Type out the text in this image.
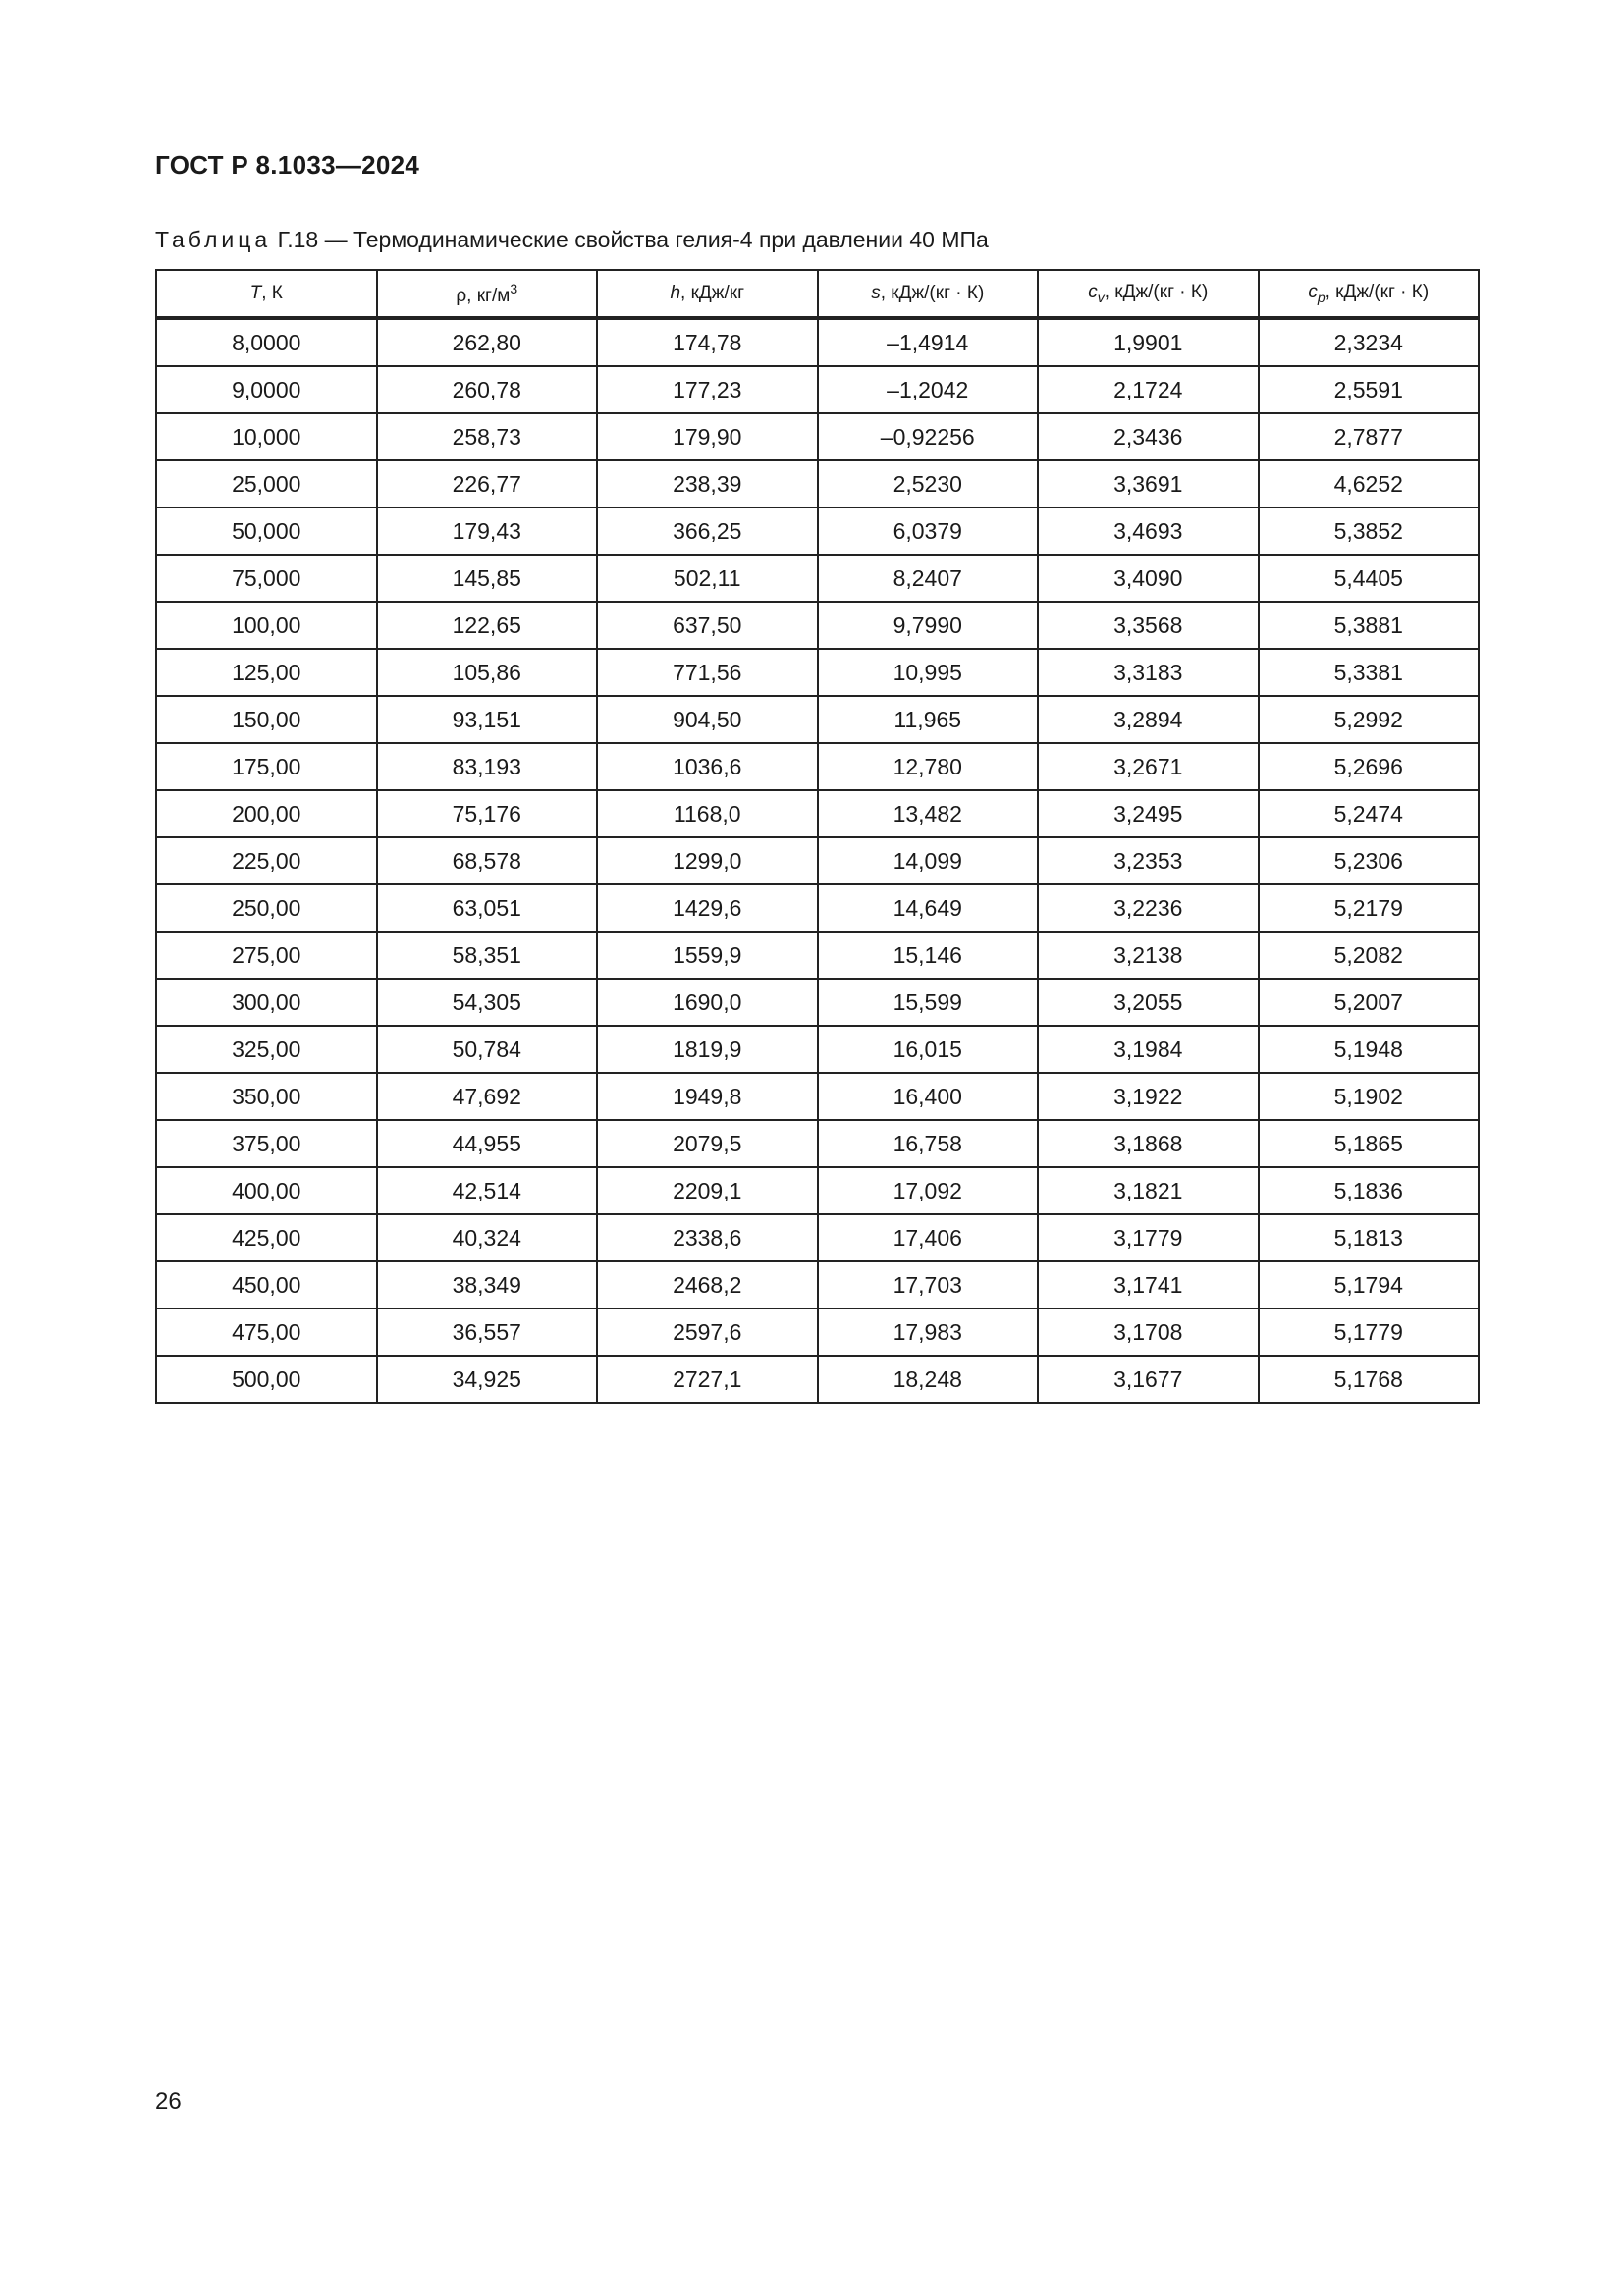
ГОСТ Р 8.1033—2024
Таблица Г.18 — Термодинамические свойства гелия-4 при давлении 40 МПа
T, К	ρ, $кг/м^3$	h, кДж/кг	s, кДж/(кг · К)	$c_v$, кДж/(кг · К)	$c_p$, кДж/(кг · К)
8,0000	262,80	174,78	–1,4914	1,9901	2,3234
9,0000	260,78	177,23	–1,2042	2,1724	2,5591
10,000	258,73	179,90	–0,92256	2,3436	2,7877
25,000	226,77	238,39	2,5230	3,3691	4,6252
50,000	179,43	366,25	6,0379	3,4693	5,3852
75,000	145,85	502,11	8,2407	3,4090	5,4405
100,00	122,65	637,50	9,7990	3,3568	5,3881
125,00	105,86	771,56	10,995	3,3183	5,3381
150,00	93,151	904,50	11,965	3,2894	5,2992
175,00	83,193	1036,6	12,780	3,2671	5,2696
200,00	75,176	1168,0	13,482	3,2495	5,2474
225,00	68,578	1299,0	14,099	3,2353	5,2306
250,00	63,051	1429,6	14,649	3,2236	5,2179
275,00	58,351	1559,9	15,146	3,2138	5,2082
300,00	54,305	1690,0	15,599	3,2055	5,2007
325,00	50,784	1819,9	16,015	3,1984	5,1948
350,00	47,692	1949,8	16,400	3,1922	5,1902
375,00	44,955	2079,5	16,758	3,1868	5,1865
400,00	42,514	2209,1	17,092	3,1821	5,1836
425,00	40,324	2338,6	17,406	3,1779	5,1813
450,00	38,349	2468,2	17,703	3,1741	5,1794
475,00	36,557	2597,6	17,983	3,1708	5,1779
500,00	34,925	2727,1	18,248	3,1677	5,1768
26
